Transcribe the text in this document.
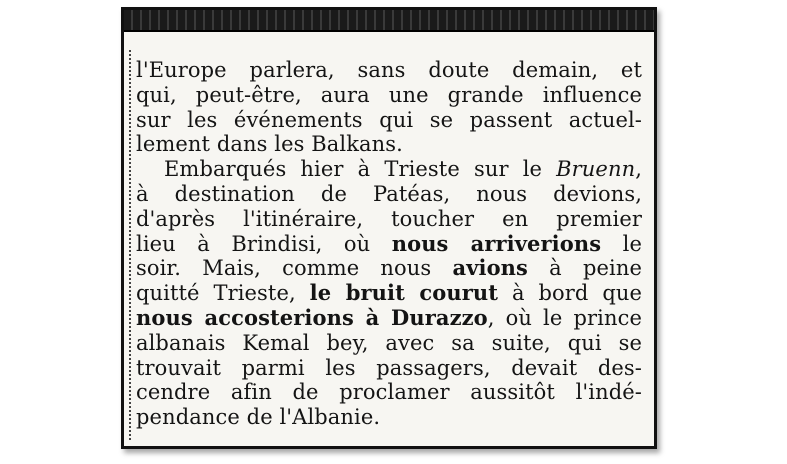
l'Europe parlera, sans doute demain, et
qui, peut-être, aura une grande influence
sur les événements qui se passent actuel-
lement dans les Balkans.
Embarqués hier à Trieste sur le Bruenn,
à destination de Patéas, nous devions,
d'après l'itinéraire, toucher en premier
lieu à Brindisi, où nous arriverions le
soir. Mais, comme nous avions à peine
quitté Trieste, le bruit courut à bord que
nous accosterions à Durazzo, où le prince
albanais Kemal bey, avec sa suite, qui se
trouvait parmi les passagers, devait des-
cendre afin de proclamer aussitôt l'indé-
pendance de l'Albanie.
